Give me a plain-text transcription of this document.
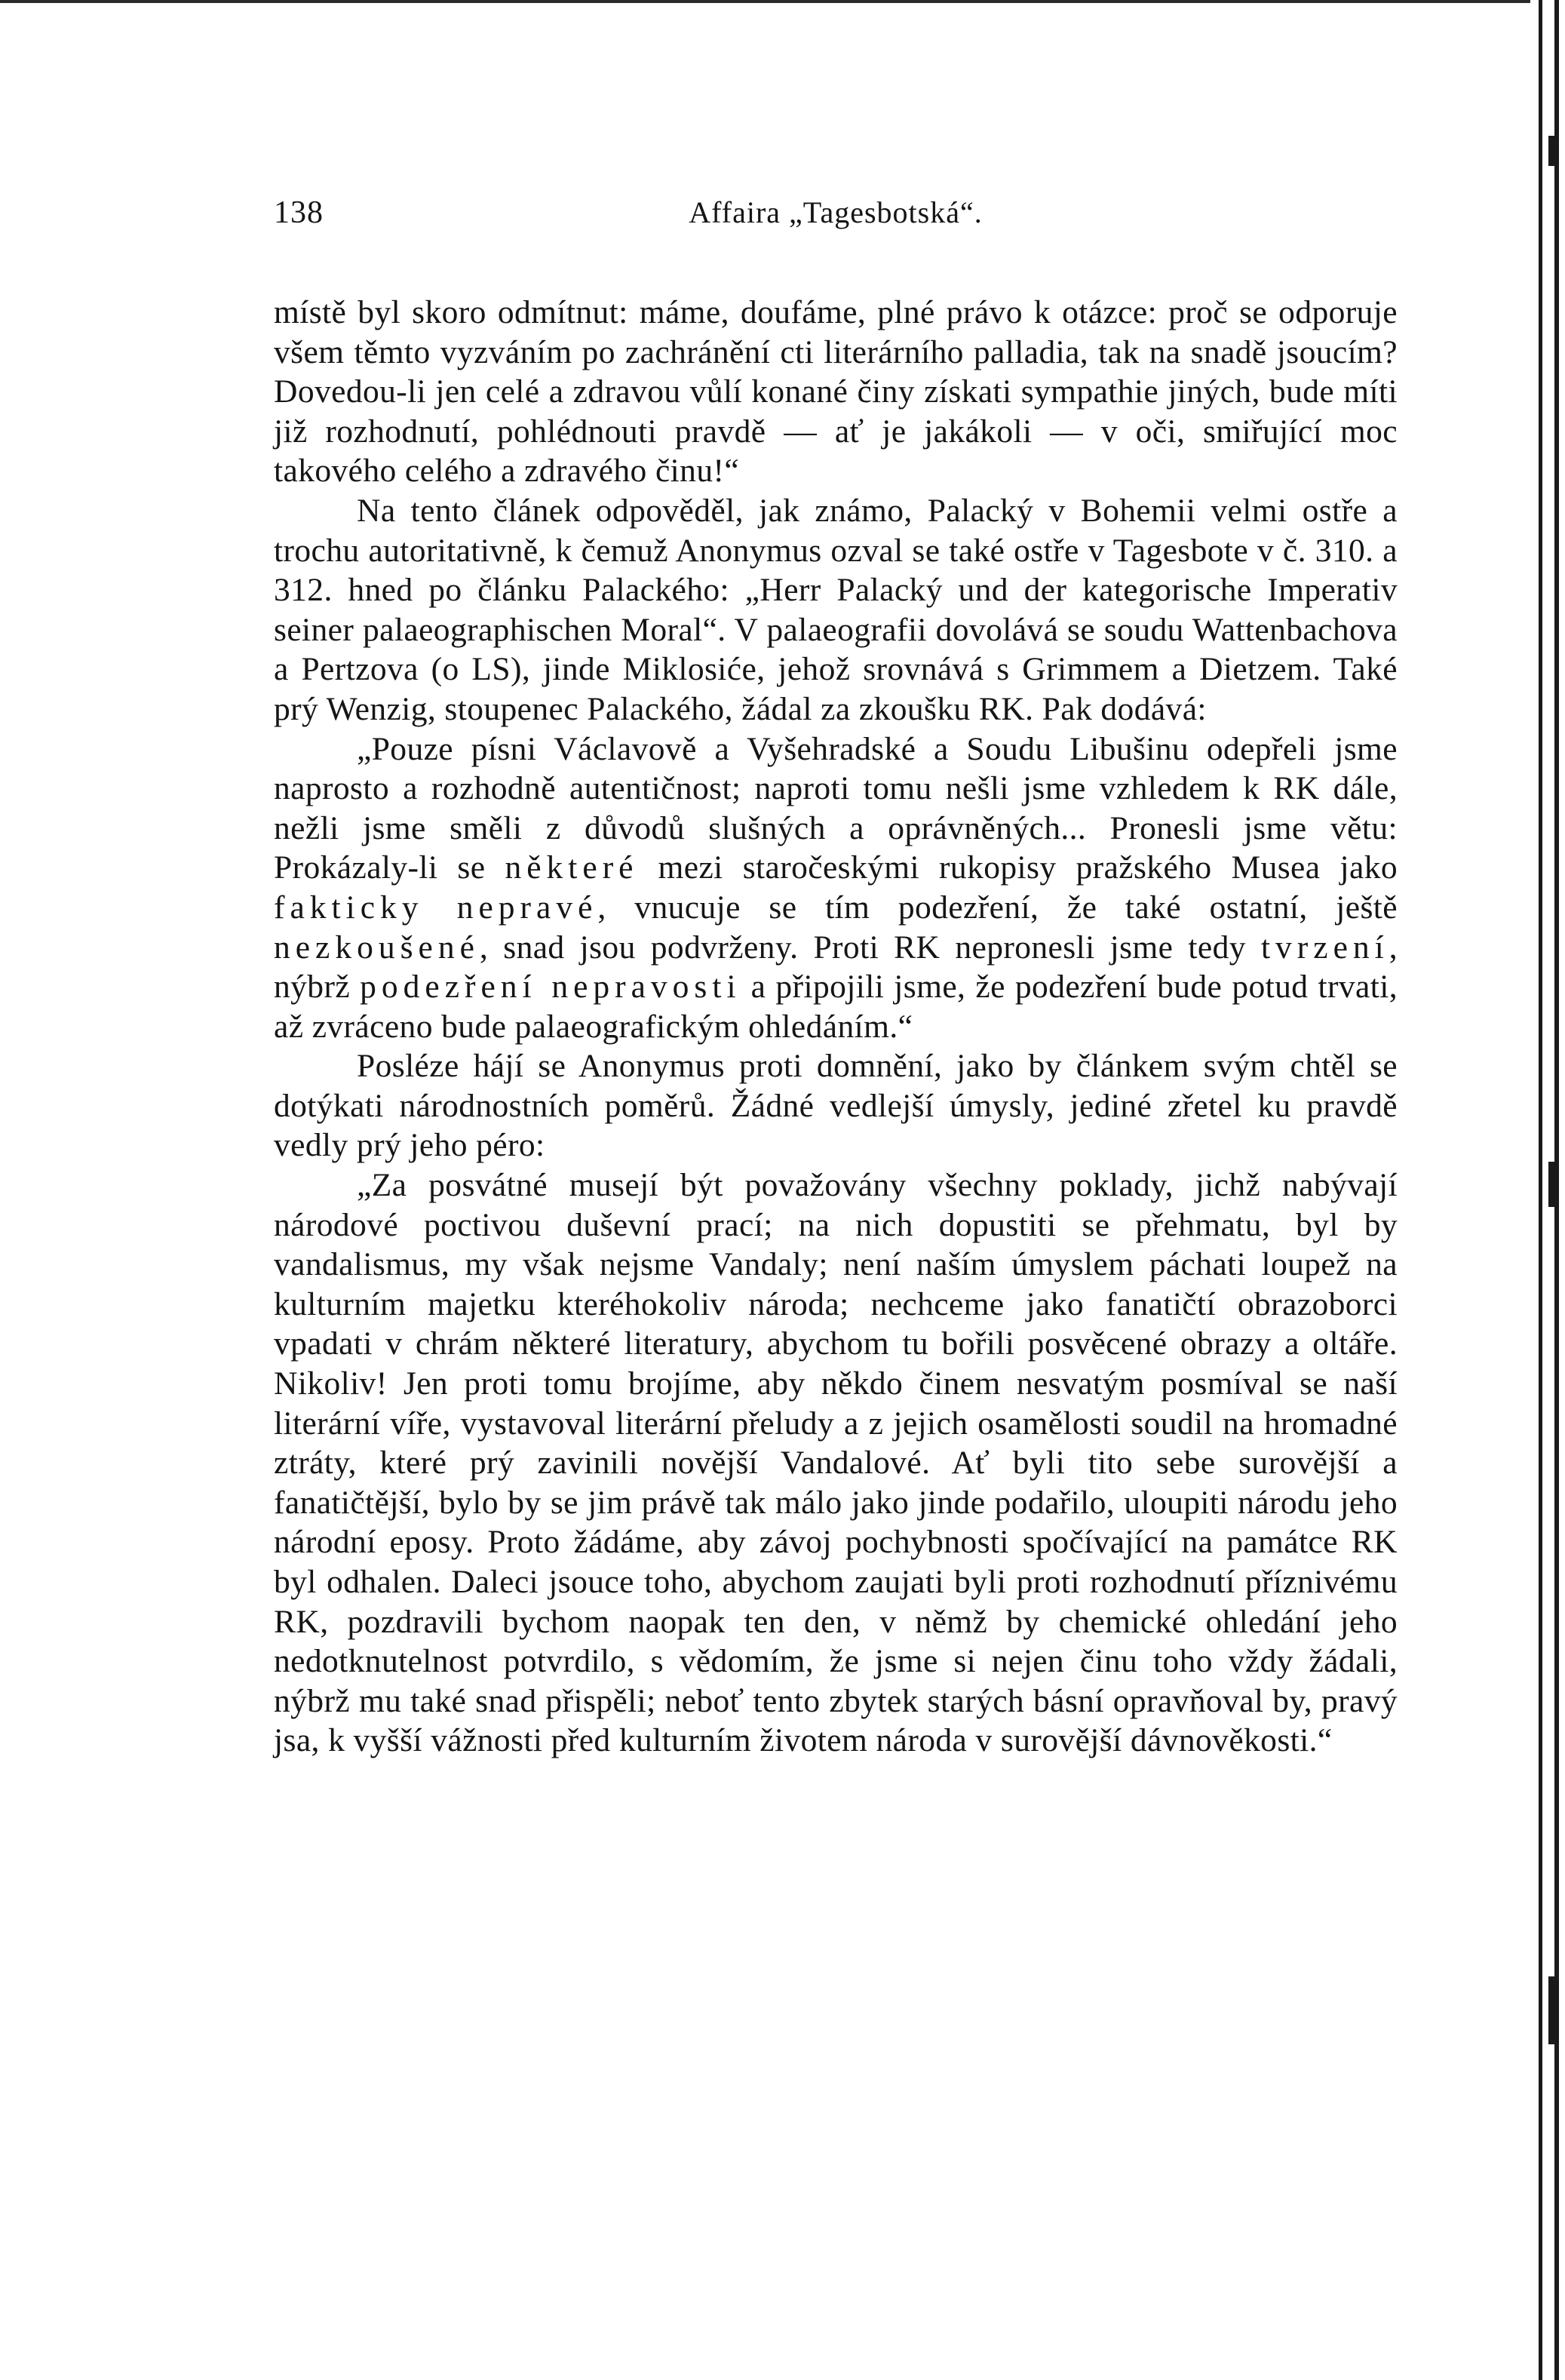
138	Affaira „Tagesbotská“.

místě byl skoro odmítnut: máme, doufáme, plné právo k otázce: proč se odporuje všem těmto vyzváním po zachránění cti literárního palladia, tak na snadě jsoucím? Dovedou-li jen celé a zdravou vůlí konané činy získati sympathie jiných, bude míti již rozhodnutí, pohlédnouti pravdě — ať je jakákoli — v oči, smiřující moc takového celého a zdravého činu!“

Na tento článek odpověděl, jak známo, Palacký v Bohemii velmi ostře a trochu autoritativně, k čemuž Anonymus ozval se také ostře v Tagesbote v č. 310. a 312. hned po článku Palackého: „Herr Palacký und der kategorische Imperativ seiner palaeographischen Moral“. V palaeografii dovolává se soudu Wattenbachova a Pertzova (o LS), jinde Miklosiće, jehož srovnává s Grimmem a Dietzem. Také prý Wenzig, stoupenec Palackého, žádal za zkoušku RK. Pak dodává:

„Pouze písni Václavově a Vyšehradské a Soudu Libušinu odepřeli jsme naprosto a rozhodně autentičnost; naproti tomu nešli jsme vzhledem k RK dále, nežli jsme směli z důvodů slušných a oprávněných... Pronesli jsme větu: Prokázaly-li se některé mezi staročeskými rukopisy pražského Musea jako fakticky nepravé, vnucuje se tím podezření, že také ostatní, ještě nezkoušené, snad jsou podvrženy. Proti RK nepronesli jsme tedy tvrzení, nýbrž podezření nepravosti a připojili jsme, že podezření bude potud trvati, až zvráceno bude palaeografickým ohledáním.“

Posléze hájí se Anonymus proti domnění, jako by článkem svým chtěl se dotýkati národnostních poměrů. Žádné vedlejší úmysly, jediné zřetel ku pravdě vedly prý jeho péro:

„Za posvátné musejí být považovány všechny poklady, jichž nabývají národové poctivou duševní prací; na nich dopustiti se přehmatu, byl by vandalismus, my však nejsme Vandaly; není naším úmyslem páchati loupež na kulturním majetku kteréhokoliv národa; nechceme jako fanatičtí obrazoborci vpadati v chrám některé literatury, abychom tu bořili posvěcené obrazy a oltáře. Nikoliv! Jen proti tomu brojíme, aby někdo činem nesvatým posmíval se naší literární víře, vystavoval literární přeludy a z jejich osamělosti soudil na hromadné ztráty, které prý zavinili novější Vandalové. Ať byli tito sebe surovější a fanatičtější, bylo by se jim právě tak málo jako jinde podařilo, uloupiti národu jeho národní eposy. Proto žádáme, aby závoj pochybnosti spočívající na památce RK byl odhalen. Daleci jsouce toho, abychom zaujati byli proti rozhodnutí příznivému RK, pozdravili bychom naopak ten den, v němž by chemické ohledání jeho nedotknutelnost potvrdilo, s vědomím, že jsme si nejen činu toho vždy žádali, nýbrž mu také snad přispěli; neboť tento zbytek starých básní opravňoval by, pravý jsa, k vyšší vážnosti před kulturním životem národa v surovější dávnověkosti.“
